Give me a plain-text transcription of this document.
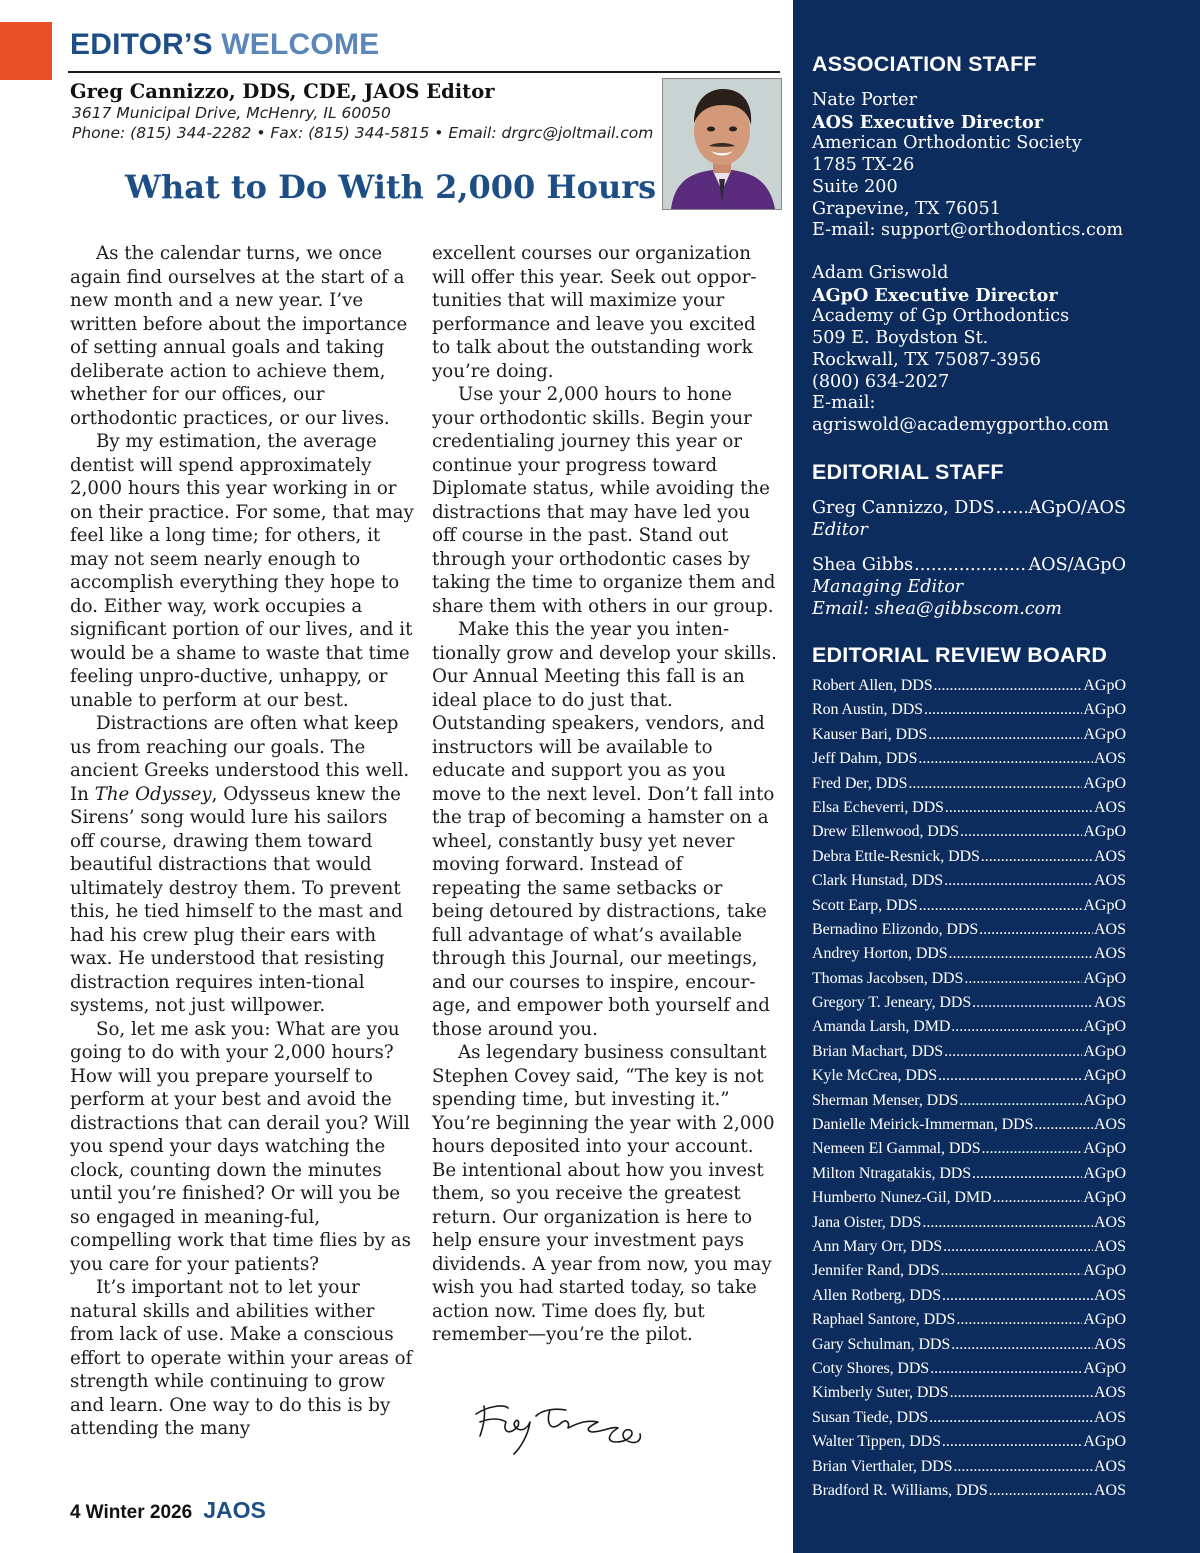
EDITOR’S WELCOME
Greg Cannizzo, DDS, CDE, JAOS Editor
3617 Municipal Drive, McHenry, IL 60050
Phone: (815) 344-2282 • Fax: (815) 344-5815 • Email: drgrc@joltmail.com
What to Do With 2,000 Hours

As the calendar turns, we once again find ourselves at the start of a new month and a new year. I’ve written before about the importance of setting annual goals and taking deliberate action to achieve them, whether for our offices, our orthodontic practices, or our lives.

By my estimation, the average dentist will spend approximately 2,000 hours this year working in or on their practice. For some, that may feel like a long time; for others, it may not seem nearly enough to accomplish everything they hope to do. Either way, work occupies a significant portion of our lives, and it would be a shame to waste that time feeling unpro-ductive, unhappy, or unable to perform at our best.

Distractions are often what keep us from reaching our goals. The ancient Greeks understood this well. In The Odyssey, Odysseus knew the Sirens’ song would lure his sailors off course, drawing them toward beautiful distractions that would ultimately destroy them. To prevent this, he tied himself to the mast and had his crew plug their ears with wax. He understood that resisting distraction requires inten-tional systems, not just willpower.

So, let me ask you: What are you going to do with your 2,000 hours? How will you prepare yourself to perform at your best and avoid the distractions that can derail you? Will you spend your days watching the clock, counting down the minutes until you’re finished? Or will you be so engaged in meaning-ful, compelling work that time flies by as you care for your patients?

It’s important not to let your natural skills and abilities wither from lack of use. Make a conscious effort to operate within your areas of strength while continuing to grow and learn. One way to do this is by attending the many

excellent courses our organization will offer this year. Seek out oppor-tunities that will maximize your performance and leave you excited to talk about the outstanding work you’re doing.

Use your 2,000 hours to hone your orthodontic skills. Begin your credentialing journey this year or continue your progress toward Diplomate status, while avoiding the distractions that may have led you off course in the past. Stand out through your orthodontic cases by taking the time to organize them and share them with others in our group.

Make this the year you inten-tionally grow and develop your skills. Our Annual Meeting this fall is an ideal place to do just that. Outstanding speakers, vendors, and instructors will be available to educate and support you as you move to the next level. Don’t fall into the trap of becoming a hamster on a wheel, constantly busy yet never moving forward. Instead of repeating the same setbacks or being detoured by distractions, take full advantage of what’s available through this Journal, our meetings, and our courses to inspire, encour-age, and empower both yourself and those around you.

As legendary business consultant Stephen Covey said, “The key is not spending time, but investing it.” You’re beginning the year with 2,000 hours deposited into your account. Be intentional about how you invest them, so you receive the greatest return. Our organization is here to help ensure your investment pays dividends. A year from now, you may wish you had started today, so take action now. Time does fly, but remember—you’re the pilot.

4 Winter 2026 JAOS
ASSOCIATION STAFF
Nate Porter
AOS Executive Director
American Orthodontic Society
1785 TX-26
Suite 200
Grapevine, TX 76051
E-mail: support@orthodontics.com
Adam Griswold
AGpO Executive Director
Academy of Gp Orthodontics
509 E. Boydston St.
Rockwall, TX 75087-3956
(800) 634-2027
E-mail:
agriswold@academygportho.com
EDITORIAL STAFF
Greg Cannizzo, DDS ..... AGpO/AOS
Editor
Shea Gibbs .....	AOS/AGpO
Managing Editor
Email: shea@gibbscom.com
EDITORIAL REVIEW BOARD
Robert Allen, DDS .....	AGpO
Ron Austin, DDS .....	AGpO
Kauser Bari, DDS .....	AGpO
Jeff Dahm, DDS .....	AOS
Fred Der, DDS .....	AGpO
Elsa Echeverri, DDS .....	AOS
Drew Ellenwood, DDS .....	AGpO
Debra Ettle-Resnick, DDS .....	AOS
Clark Hunstad, DDS .....	AOS
Scott Earp, DDS .....	AGpO
Bernadino Elizondo, DDS .....	AOS
Andrey Horton, DDS .....	AOS
Thomas Jacobsen, DDS .....	AGpO
Gregory T. Jeneary, DDS .....	AOS
Amanda Larsh, DMD .....	AGpO
Brian Machart, DDS .....	AGpO
Kyle McCrea, DDS .....	AGpO
Sherman Menser, DDS .....	AGpO
Danielle Meirick-Immerman, DDS .....	AOS
Nemeen El Gammal, DDS .....	AGpO
Milton Ntragatakis, DDS .....	AGpO
Humberto Nunez-Gil, DMD .....	AGpO
Jana Oister, DDS .....	AOS
Ann Mary Orr, DDS .....	AOS
Jennifer Rand, DDS .....	AGpO
Allen Rotberg, DDS .....	AOS
Raphael Santore, DDS .....	AGpO
Gary Schulman, DDS .....	AOS
Coty Shores, DDS .....	AGpO
Kimberly Suter, DDS .....	AOS
Susan Tiede, DDS .....	AOS
Walter Tippen, DDS .....	AGpO
Brian Vierthaler, DDS .....	AOS
Bradford R. Williams, DDS .....	AOS
